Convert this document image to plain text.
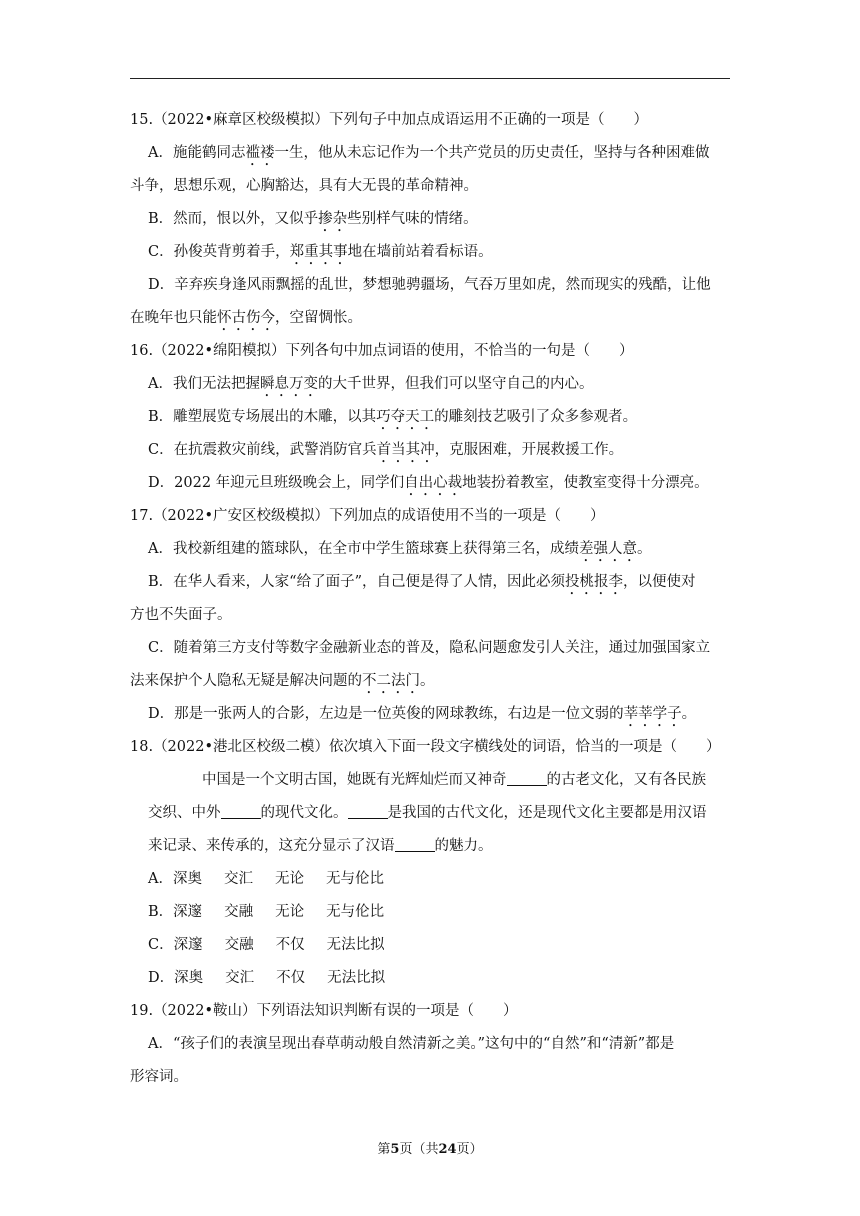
15.（2022•麻章区校级模拟）下列句子中加点成语运用不正确的一项是（　　）
A．施能鹤同志褴褛一生，他从未忘记作为一个共产党员的历史责任，坚持与各种困难做
斗争，思想乐观，心胸豁达，具有大无畏的革命精神。
B．然而，恨以外，又似乎掺杂些别样气味的情绪。
C．孙俊英背剪着手，郑重其事地在墙前站着看标语。
D．辛弃疾身逢风雨飘摇的乱世，梦想驰骋疆场，气吞万里如虎，然而现实的残酷，让他
在晚年也只能怀古伤今，空留惆怅。
16.（2022•绵阳模拟）下列各句中加点词语的使用，不恰当的一句是（　　）
A．我们无法把握瞬息万变的大千世界，但我们可以坚守自己的内心。
B．雕塑展览专场展出的木雕，以其巧夺天工的雕刻技艺吸引了众多参观者。
C．在抗震救灾前线，武警消防官兵首当其冲，克服困难，开展救援工作。
D．2022 年迎元旦班级晚会上，同学们自出心裁地装扮着教室，使教室变得十分漂亮。
17.（2022•广安区校级模拟）下列加点的成语使用不当的一项是（　　）
A．我校新组建的篮球队，在全市中学生篮球赛上获得第三名，成绩差强人意。
B．在华人看来，人家“给了面子”，自己便是得了人情，因此必须投桃报李，以便使对
方也不失面子。
C．随着第三方支付等数字金融新业态的普及，隐私问题愈发引人关注，通过加强国家立
法来保护个人隐私无疑是解决问题的不二法门。
D．那是一张两人的合影，左边是一位英俊的网球教练，右边是一位文弱的莘莘学子。
18.（2022•港北区校级二模）依次填入下面一段文字横线处的词语，恰当的一项是（　　）
中国是一个文明古国，她既有光辉灿烂而又神奇	的古老文化，又有各民族
交织、中外	的现代文化。	是我国的古代文化，还是现代文化主要都是用汉语
来记录、来传承的，这充分显示了汉语	的魅力。
A．深奥 交汇 无论 无与伦比
B．深邃 交融 无论 无与伦比
C．深邃 交融 不仅 无法比拟
D．深奥 交汇 不仅 无法比拟
19.（2022•鞍山）下列语法知识判断有误的一项是（　　）
A．“孩子们的表演呈现出春草萌动般自然清新之美。”这句中的“自然”和“清新”都是
形容词。
第5页（共24页）
